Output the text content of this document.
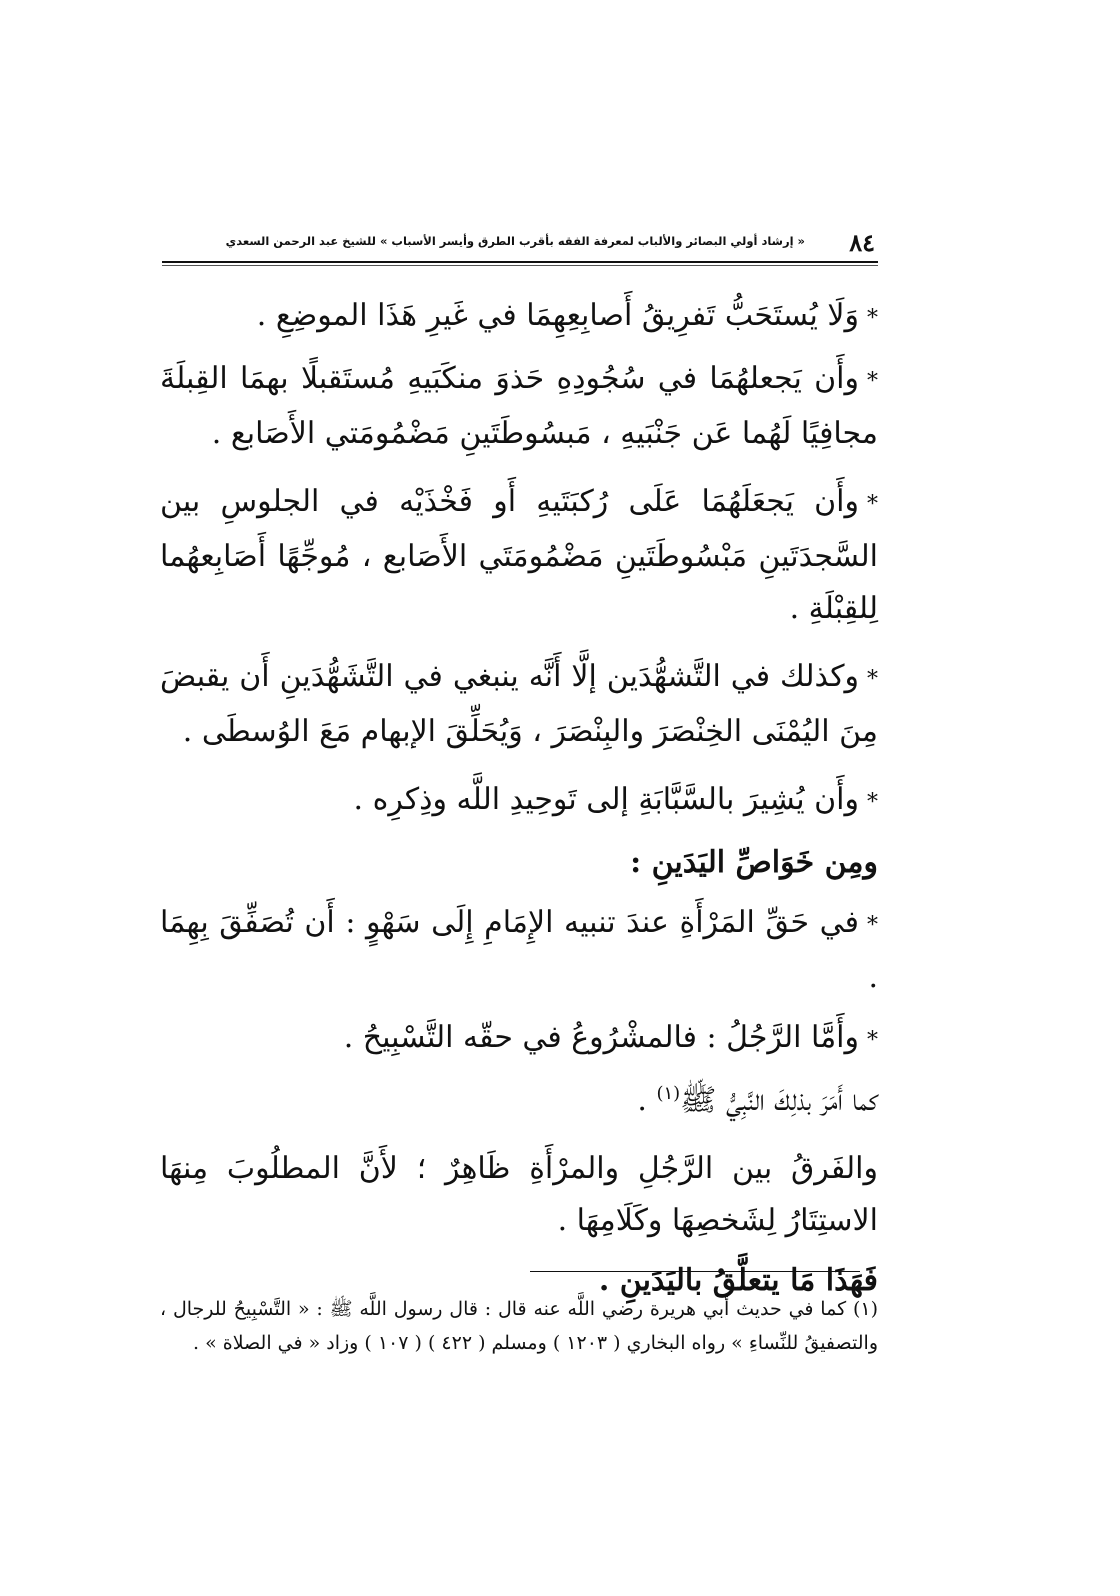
٨٤
« إرشاد أولي البصائر والألباب لمعرفة الفقه بأقرب الطرق وأيسر الأسباب » للشيخ عبد الرحمن السعدي

*وَلَا يُستَحَبُّ تَفرِيقُ أَصابِعِهِمَا في غَيرِ هَذَا الموضِعِ .

*وأَن يَجعلهُمَا في سُجُودِهِ حَذوَ منكَبَيهِ مُستَقبلًا بهمَا القِبلَةَ مجافِيًا لَهُما عَن جَنْبَيهِ ، مَبسُوطَتَينِ مَضْمُومَتي الأَصَابع .

*وأَن يَجعَلَهُمَا عَلَى رُكبَتَيهِ أَو فَخْذَيْه في الجلوسِ بين السَّجدَتَينِ مَبْسُوطَتَينِ مَضْمُومَتَي الأَصَابع ، مُوجِّهًا أَصَابِعهُما لِلقِبْلَةِ .

*وكذلك في التَّشهُّدَين إلَّا أَنَّه ينبغي في التَّشَهُّدَينِ أَن يقبضَ مِنَ اليُمْنَى الخِنْصَرَ والبِنْصَرَ ، وَيُحَلِّقَ الإبهام مَعَ الوُسطَى .

*وأَن يُشِيرَ بالسَّبَّابَةِ إلى تَوحِيدِ اللَّه وذِكرِه .

ومِن خَوَاصِّ اليَدَينِ :

*في حَقِّ المَرْأَةِ عندَ تنبيه الإِمَامِ إِلَى سَهْوٍ : أَن تُصَفِّقَ بِهِمَا .

*وأَمَّا الرَّجُلُ : فالمشْرُوعُ في حقّه التَّسْبِيحُ .

كما أَمَرَ بذلِكَ النَّبِيُّ ﷺ$^{(١)}$ .

والفَرقُ بين الرَّجُلِ والمرْأَةِ ظَاهِرٌ ؛ لأَنَّ المطلُوبَ مِنهَا الاستِتَارُ لِشَخصِهَا وكَلَامِهَا .

فَهَذَا مَا يتعلَّقُ باليَدَينِ .

(١) كما في حديث أبي هريرة رضي اللَّه عنه قال : قال رسول اللَّه ﷺ : « التَّسْبِيحُ للرجال ، والتصفيقُ للنِّساءِ » رواه البخاري ( ١٢٠٣ ) ومسلم ( ٤٢٢ ) ( ١٠٧ ) وزاد « في الصلاة » .
